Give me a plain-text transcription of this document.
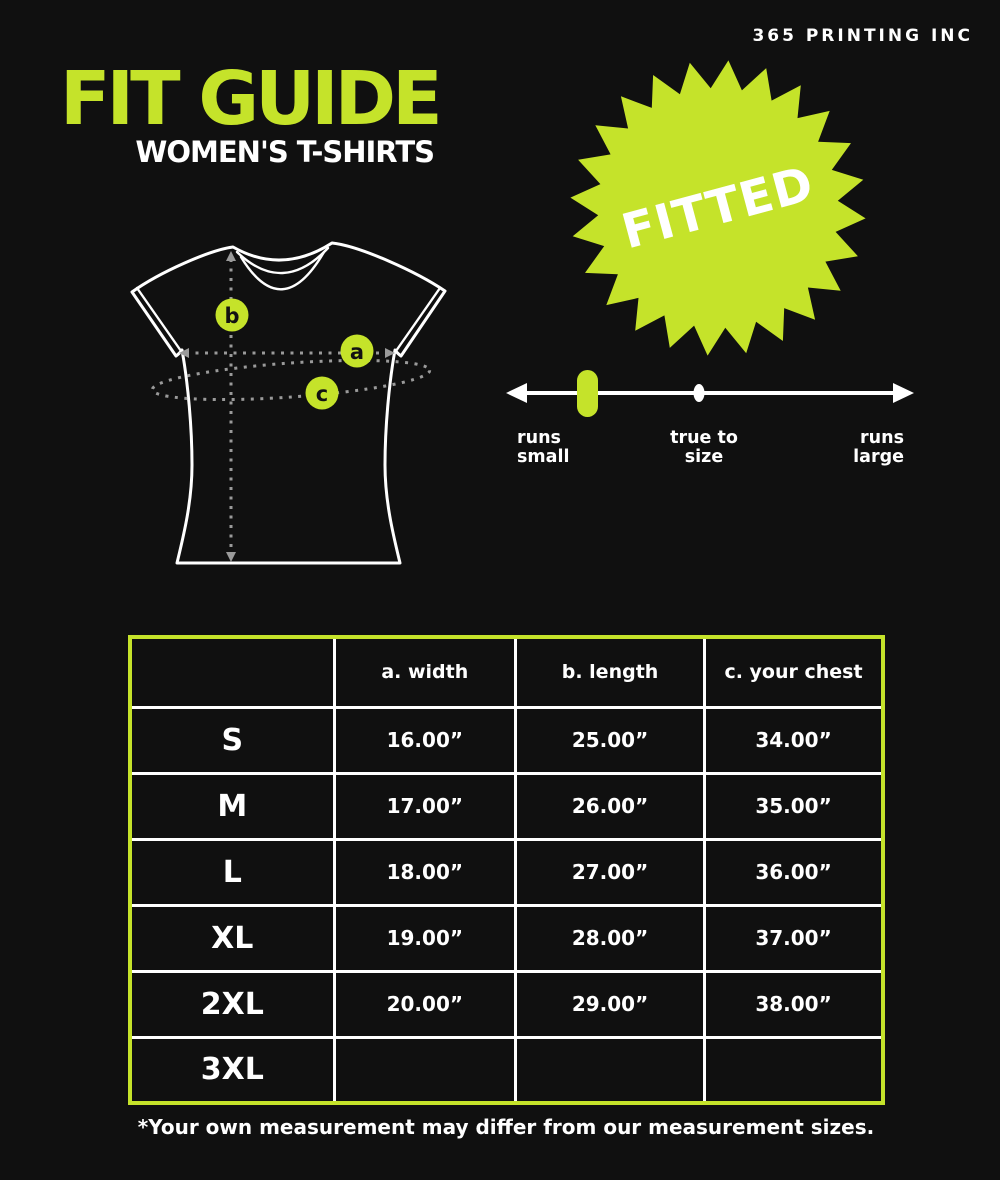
365 PRINTING INC
FIT GUIDE
WOMEN'S T-SHIRTS
FITTED
b
a
c
runs
small
true to
size
runs
large
	a. width	b. length	c. your chest
S	16.00”	25.00”	34.00”
M	17.00”	26.00”	35.00”
L	18.00”	27.00”	36.00”
XL	19.00”	28.00”	37.00”
2XL	20.00”	29.00”	38.00”
3XL			
*Your own measurement may differ from our measurement sizes.
